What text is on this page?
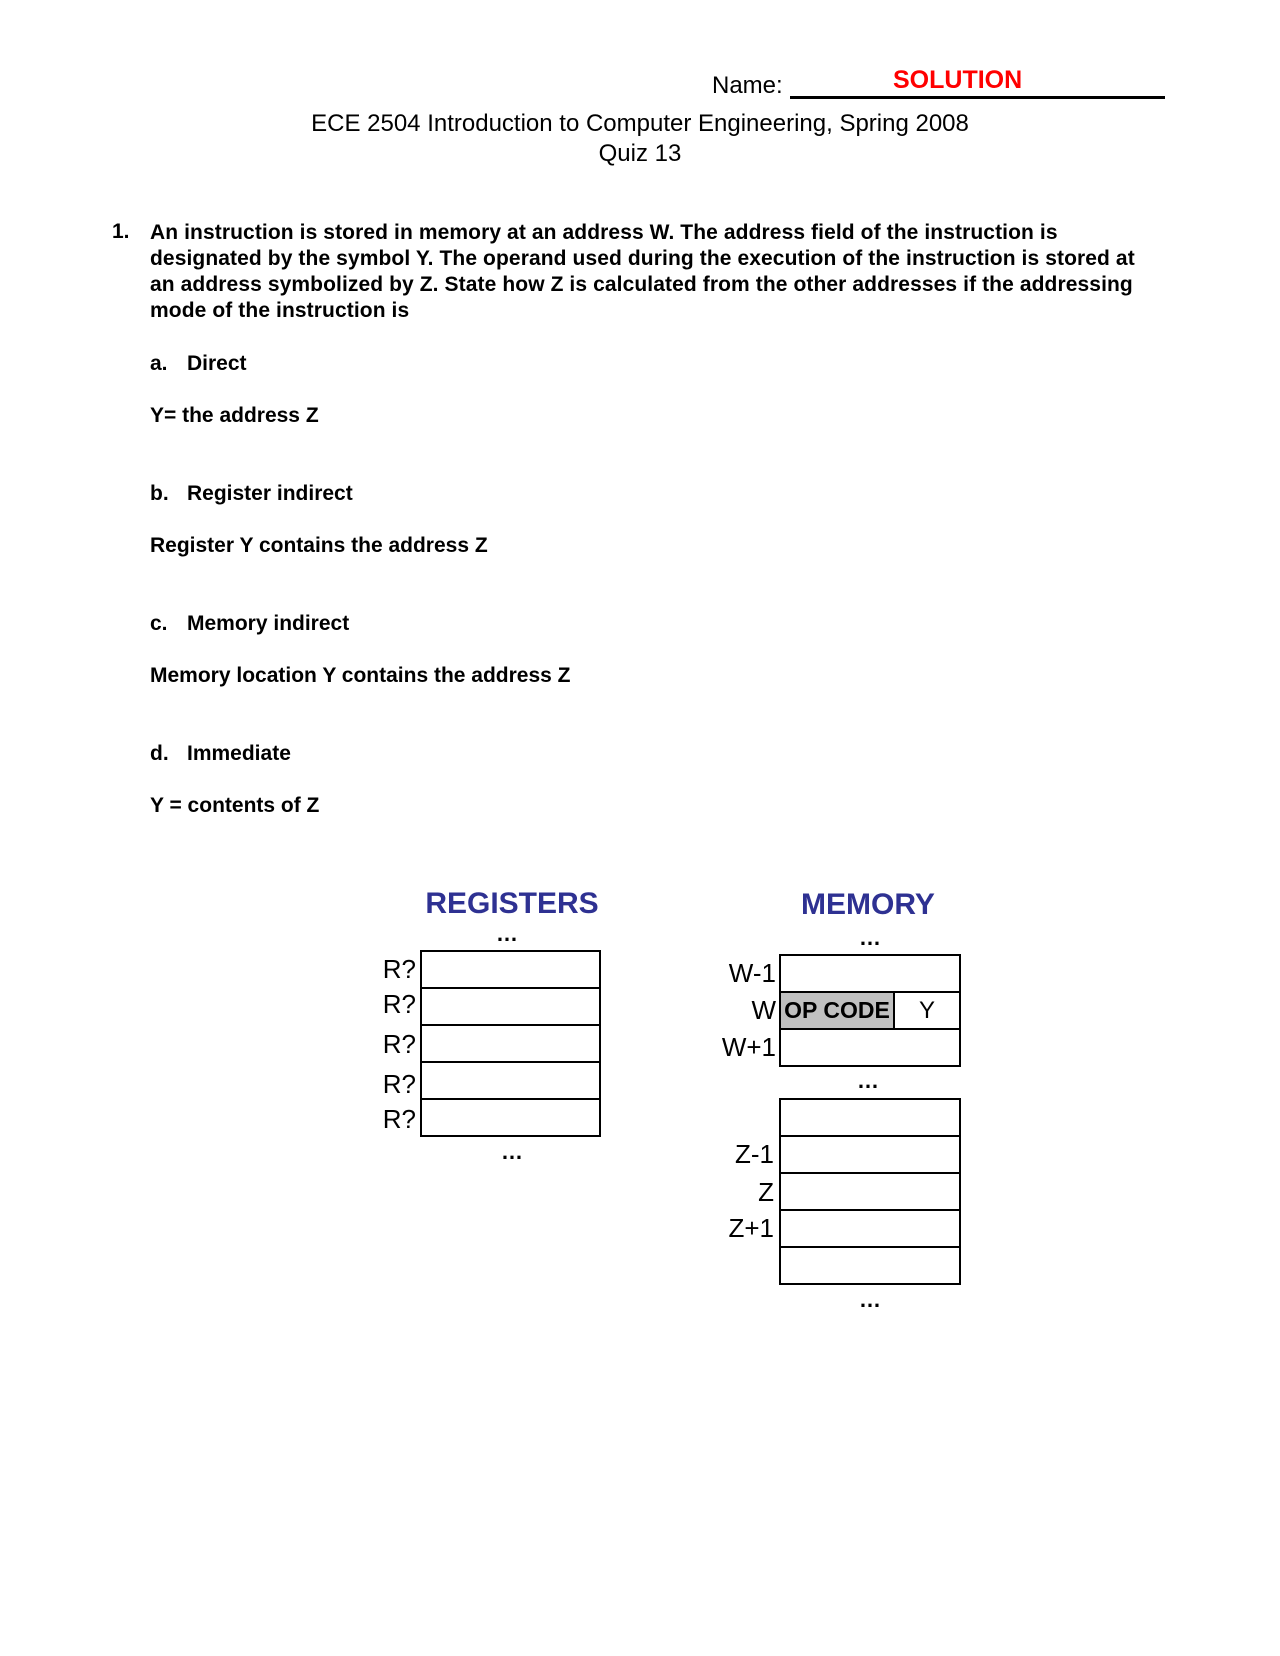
Name:	SOLUTION
ECE 2504 Introduction to Computer Engineering, Spring 2008
Quiz 13
1. An instruction is stored in memory at an address W. The address field of the instruction is designated by the symbol Y. The operand used during the execution of the instruction is stored at an address symbolized by Z. State how Z is calculated from the other addresses if the addressing mode of the instruction is
a. Direct
Y= the address Z
b. Register indirect
Register Y contains the address Z
c. Memory indirect
Memory location Y contains the address Z
d. Immediate
Y = contents of Z
REGISTERS
…
R?
R?
R?
R?
R?
…
MEMORY
…
OP CODE	Y
W-1
W
W+1
…
Z-1
Z
Z+1
…
